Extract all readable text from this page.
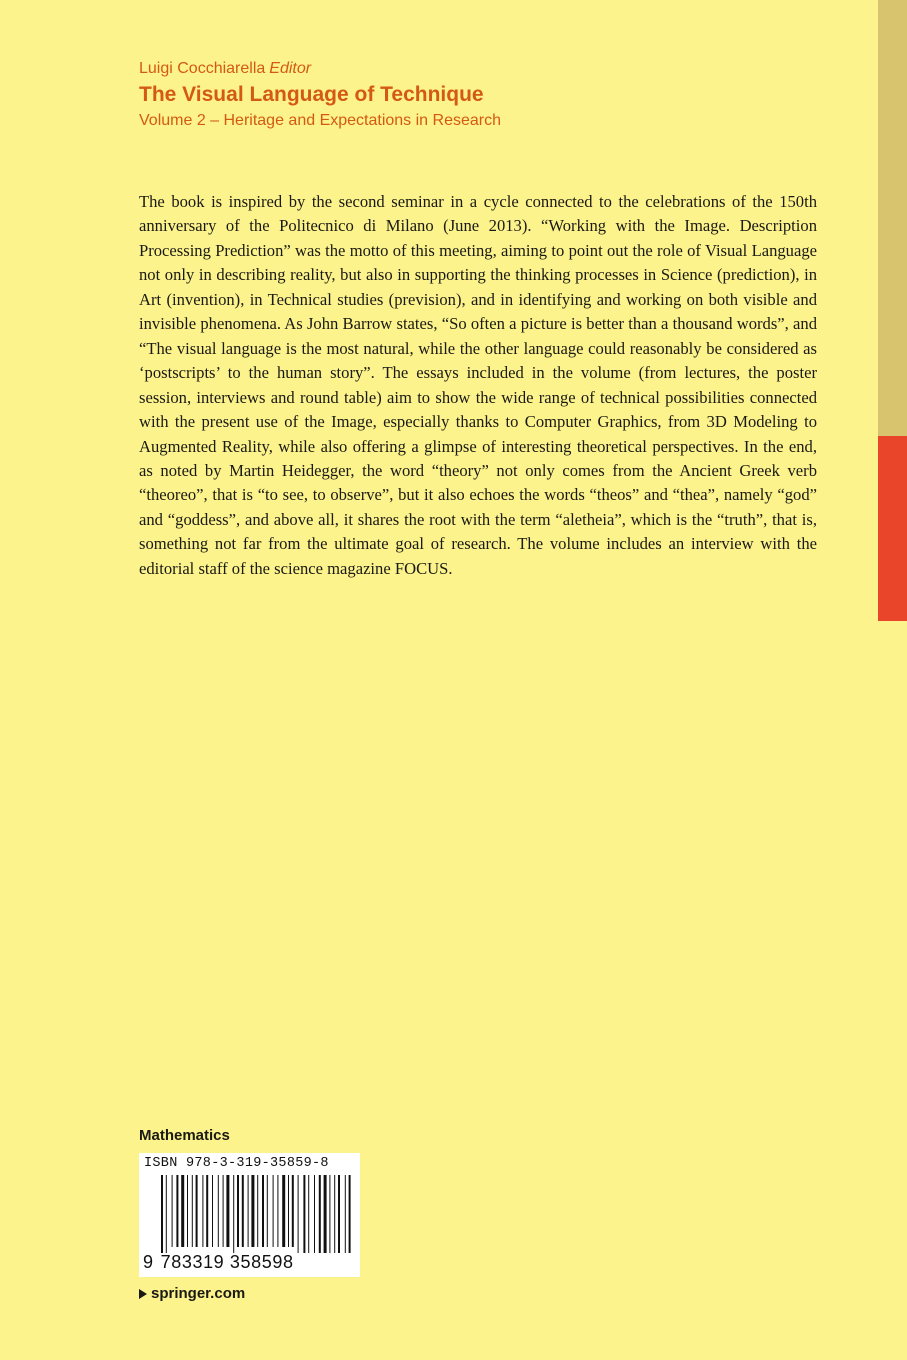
Luigi Cocchiarella Editor
The Visual Language of Technique
Volume 2 – Heritage and Expectations in Research

The book is inspired by the second seminar in a cycle connected to the celebrations of the 150th anniversary of the Politecnico di Milano (June 2013). “Working with the Image. Description Processing Prediction” was the motto of this meeting, aiming to point out the role of Visual Language not only in describing reality, but also in supporting the thinking processes in Science (prediction), in Art (invention), in Technical studies (prevision), and in identifying and working on both visible and invisible phenomena. As John Barrow states, “So often a picture is better than a thousand words”, and “The visual language is the most natural, while the other language could reasonably be considered as ‘postscripts’ to the human story”. The essays included in the volume (from lectures, the poster session, interviews and round table) aim to show the wide range of technical possibilities connected with the present use of the Image, especially thanks to Computer Graphics, from 3D Modeling to Augmented Reality, while also offering a glimpse of interesting theoretical perspectives. In the end, as noted by Martin Heidegger, the word “theory” not only comes from the Ancient Greek verb “theoreo”, that is “to see, to observe”, but it also echoes the words “theos” and “thea”, namely “god” and “goddess”, and above all, it shares the root with the term “aletheia”, which is the “truth”, that is, something not far from the ultimate goal of research. The volume includes an interview with the editorial staff of the science magazine FOCUS.

Mathematics
ISBN 978-3-319-35859-8
9 783319 358598
springer.com
